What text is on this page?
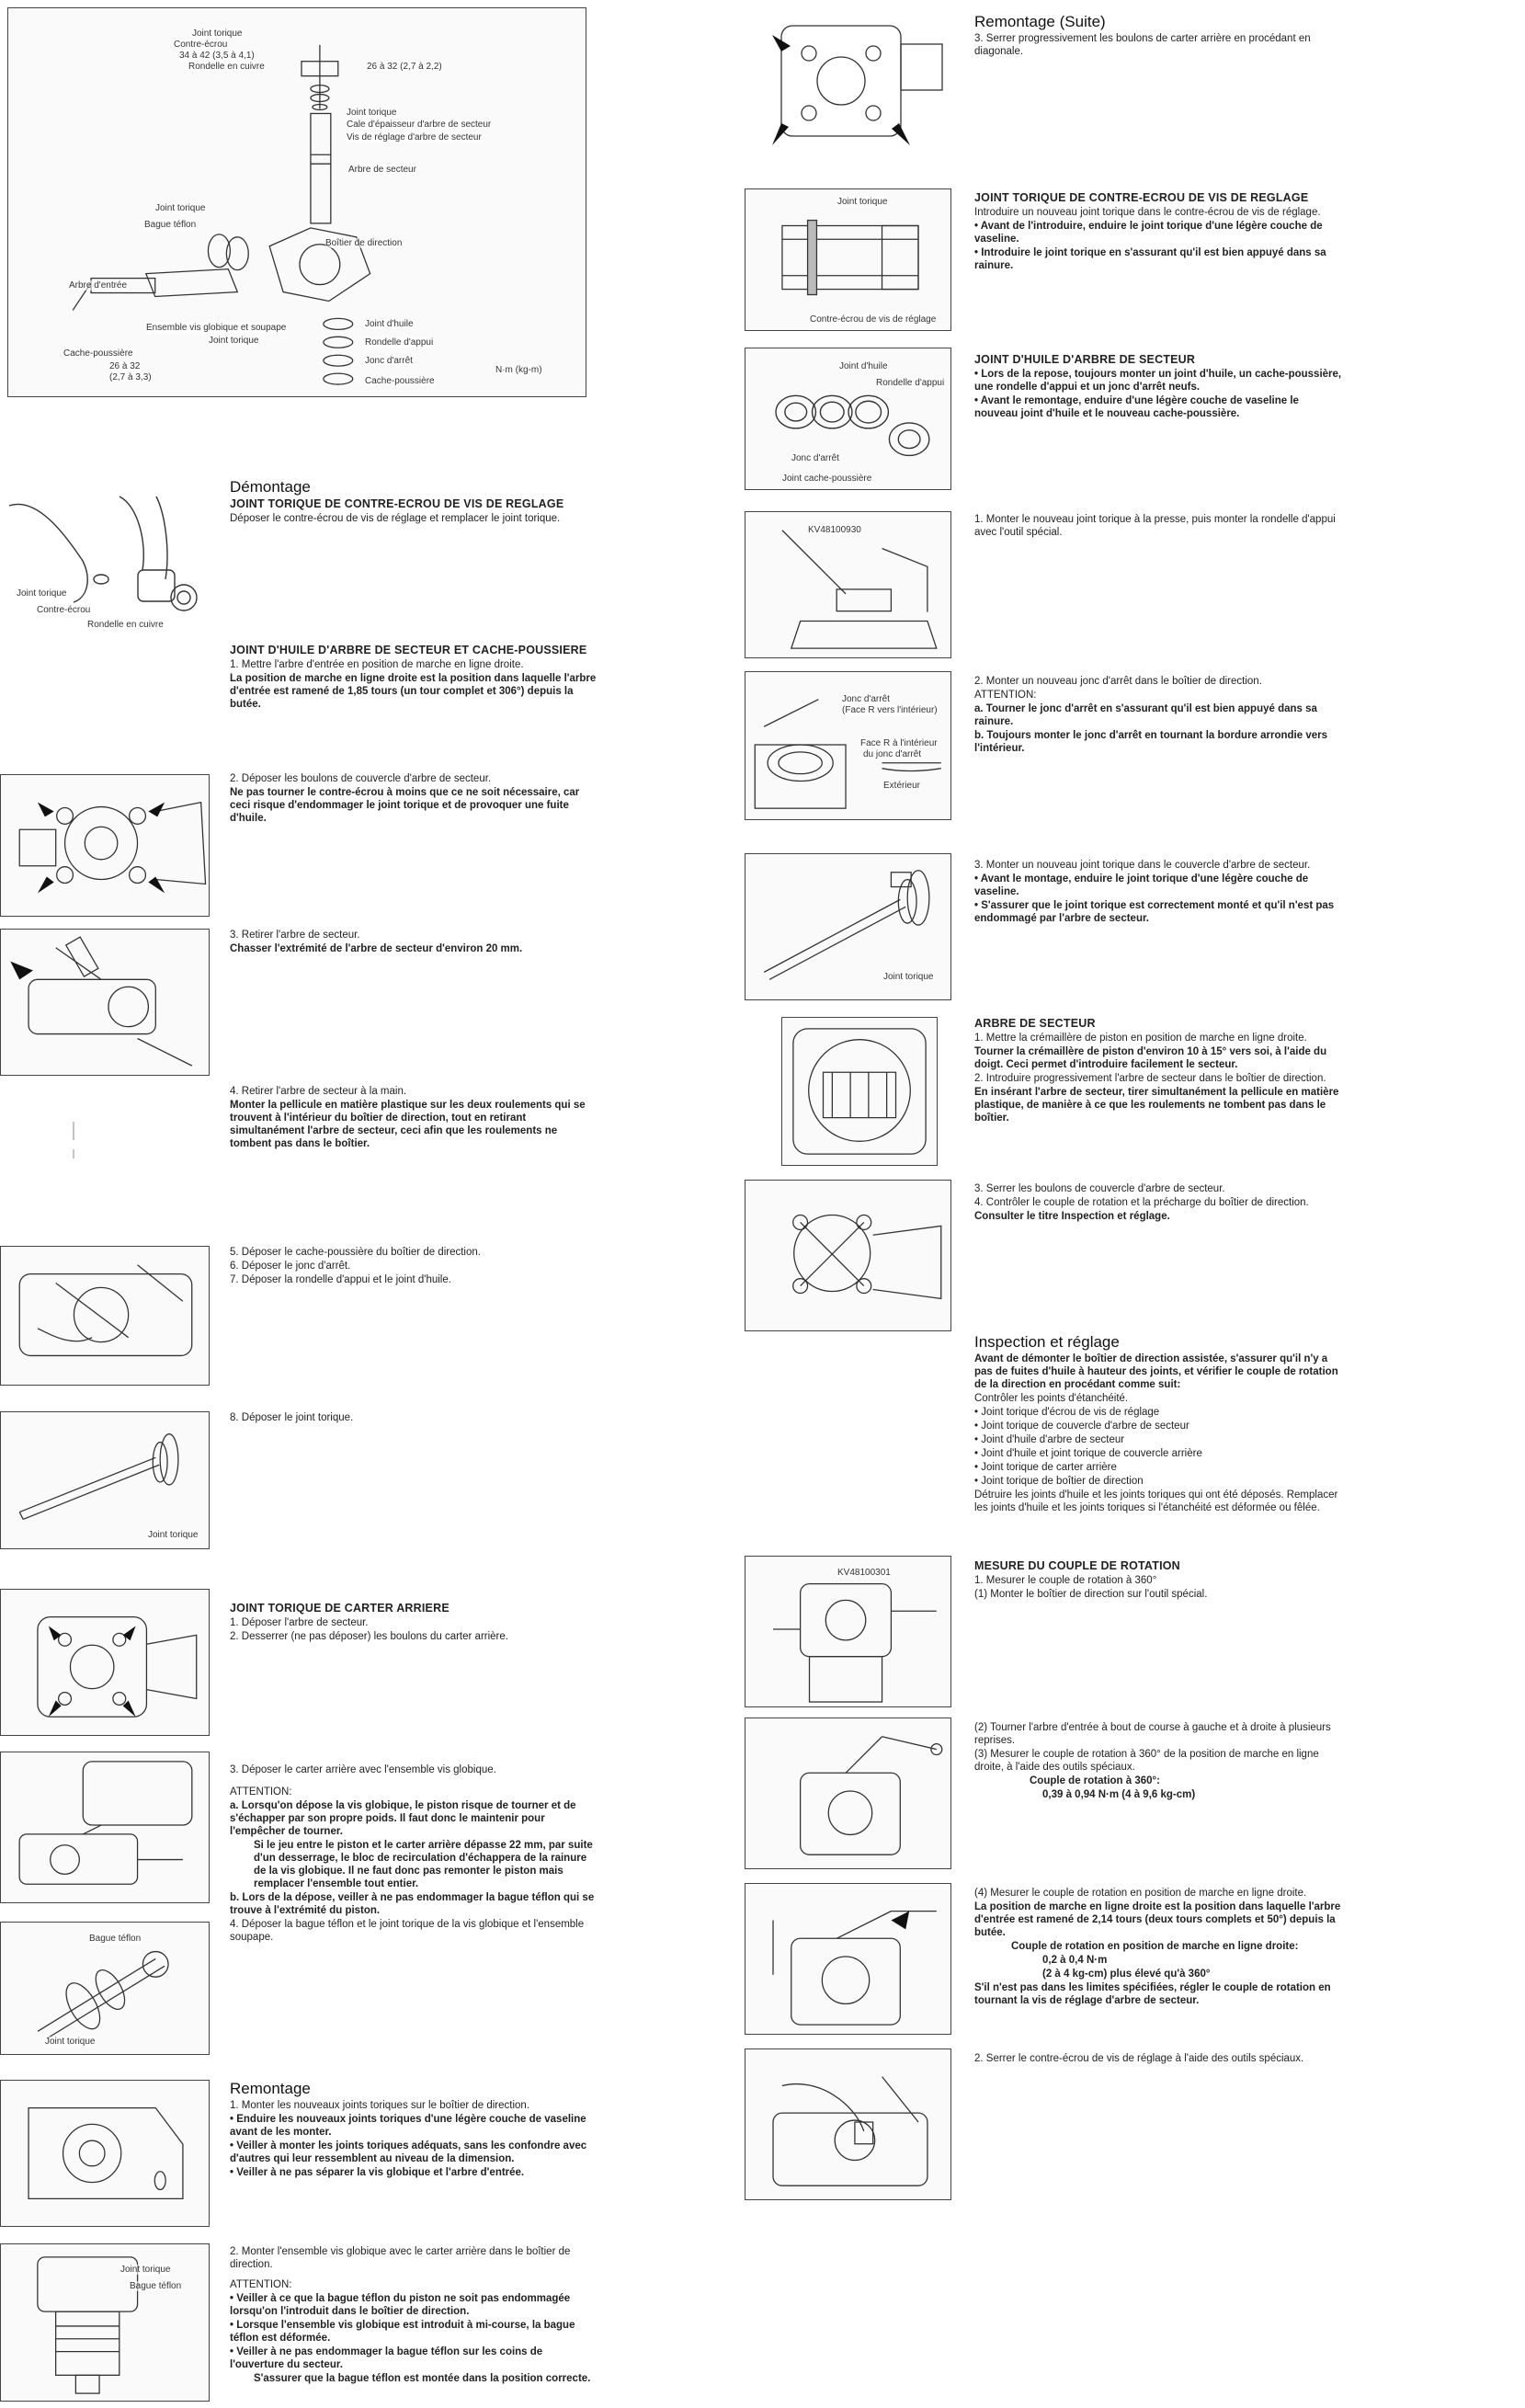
Joint torique
Contre-écrou
34 à 42 (3,5 à 4,1)
Rondelle en cuivre	26 à 32 (2,7 à 2,2)
Joint torique
Cale d'épaisseur d'arbre de secteur
Vis de réglage d'arbre de secteur
Arbre de secteur
Joint torique
Bague téflon
Boîtier de direction
Arbre d'entrée
Ensemble vis globique et soupape
Joint torique
Cache-poussière
26 à 32
(2,7 à 3,3)
Joint d'huile
Rondelle d'appui
Jonc d'arrêt
Cache-poussière
N·m (kg-m)
Joint torique
Contre-écrou
Rondelle en cuivre
Joint torique
Bague téflon
Joint torique
Joint torique
Bague téflon

Démontage

JOINT TORIQUE DE CONTRE-ECROU DE VIS DE REGLAGE

Déposer le contre-écrou de vis de réglage et remplacer le joint torique.

JOINT D'HUILE D'ARBRE DE SECTEUR ET CACHE-POUSSIERE

1. Mettre l'arbre d'entrée en position de marche en ligne droite.

La position de marche en ligne droite est la position dans laquelle l'arbre d'entrée est ramené de 1,85 tours (un tour complet et 306°) depuis la butée.

2. Déposer les boulons de couvercle d'arbre de secteur.

Ne pas tourner le contre-écrou à moins que ce ne soit nécessaire, car ceci risque d'endommager le joint torique et de provoquer une fuite d'huile.

3. Retirer l'arbre de secteur.

Chasser l'extrémité de l'arbre de secteur d'environ 20 mm.

4. Retirer l'arbre de secteur à la main.

Monter la pellicule en matière plastique sur les deux roulements qui se trouvent à l'intérieur du boîtier de direction, tout en retirant simultanément l'arbre de secteur, ceci afin que les roulements ne tombent pas dans le boîtier.

5. Déposer le cache-poussière du boîtier de direction.

6. Déposer le jonc d'arrêt.

7. Déposer la rondelle d'appui et le joint d'huile.

8. Déposer le joint torique.

JOINT TORIQUE DE CARTER ARRIERE

1. Déposer l'arbre de secteur.

2. Desserrer (ne pas déposer) les boulons du carter arrière.

3. Déposer le carter arrière avec l'ensemble vis globique.

ATTENTION:

a. Lorsqu'on dépose la vis globique, le piston risque de tourner et de s'échapper par son propre poids. Il faut donc le maintenir pour l'empêcher de tourner.

Si le jeu entre le piston et le carter arrière dépasse 22 mm, par suite d'un desserrage, le bloc de recirculation d'échappera de la rainure de la vis globique. Il ne faut donc pas remonter le piston mais remplacer l'ensemble tout entier.

b. Lors de la dépose, veiller à ne pas endommager la bague téflon qui se trouve à l'extrémité du piston.

4. Déposer la bague téflon et le joint torique de la vis globique et l'ensemble soupape.

Remontage

1. Monter les nouveaux joints toriques sur le boîtier de direction.

• Enduire les nouveaux joints toriques d'une légère couche de vaseline avant de les monter.

• Veiller à monter les joints toriques adéquats, sans les confondre avec d'autres qui leur ressemblent au niveau de la dimension.

• Veiller à ne pas séparer la vis globique et l'arbre d'entrée.

2. Monter l'ensemble vis globique avec le carter arrière dans le boîtier de direction.

ATTENTION:

• Veiller à ce que la bague téflon du piston ne soit pas endommagée lorsqu'on l'introduit dans le boîtier de direction.

• Lorsque l'ensemble vis globique est introduit à mi-course, la bague téflon est déformée.

• Veiller à ne pas endommager la bague téflon sur les coins de l'ouverture du secteur.

S'assurer que la bague téflon est montée dans la position correcte.

Joint torique
Contre-écrou de vis de réglage
Joint d'huile
Rondelle d'appui
Jonc d'arrêt
Joint cache-poussière
KV48100930
Jonc d'arrêt
(Face R vers l'intérieur)
Face R à l'intérieur
du jonc d'arrêt
Extérieur
Joint torique
KV48100301

Remontage (Suite)

3. Serrer progressivement les boulons de carter arrière en procédant en diagonale.

JOINT TORIQUE DE CONTRE-ECROU DE VIS DE REGLAGE

Introduire un nouveau joint torique dans le contre-écrou de vis de réglage.

• Avant de l'introduire, enduire le joint torique d'une légère couche de vaseline.

• Introduire le joint torique en s'assurant qu'il est bien appuyé dans sa rainure.

JOINT D'HUILE D'ARBRE DE SECTEUR

• Lors de la repose, toujours monter un joint d'huile, un cache-poussière, une rondelle d'appui et un jonc d'arrêt neufs.

• Avant le remontage, enduire d'une légère couche de vaseline le nouveau joint d'huile et le nouveau cache-poussière.

1. Monter le nouveau joint torique à la presse, puis monter la rondelle d'appui avec l'outil spécial.

2. Monter un nouveau jonc d'arrêt dans le boîtier de direction.

ATTENTION:

a. Tourner le jonc d'arrêt en s'assurant qu'il est bien appuyé dans sa rainure.

b. Toujours monter le jonc d'arrêt en tournant la bordure arrondie vers l'intérieur.

3. Monter un nouveau joint torique dans le couvercle d'arbre de secteur.

• Avant le montage, enduire le joint torique d'une légère couche de vaseline.

• S'assurer que le joint torique est correctement monté et qu'il n'est pas endommagé par l'arbre de secteur.

ARBRE DE SECTEUR

1. Mettre la crémaillère de piston en position de marche en ligne droite.

Tourner la crémaillère de piston d'environ 10 à 15° vers soi, à l'aide du doigt. Ceci permet d'introduire facilement le secteur.

2. Introduire progressivement l'arbre de secteur dans le boîtier de direction.

En insérant l'arbre de secteur, tirer simultanément la pellicule en matière plastique, de manière à ce que les roulements ne tombent pas dans le boîtier.

3. Serrer les boulons de couvercle d'arbre de secteur.

4. Contrôler le couple de rotation et la précharge du boîtier de direction.

Consulter le titre Inspection et réglage.

Inspection et réglage

Avant de démonter le boîtier de direction assistée, s'assurer qu'il n'y a pas de fuites d'huile à hauteur des joints, et vérifier le couple de rotation de la direction en procédant comme suit:

Contrôler les points d'étanchéité.

• Joint torique d'écrou de vis de réglage

• Joint torique de couvercle d'arbre de secteur

• Joint d'huile d'arbre de secteur

• Joint d'huile et joint torique de couvercle arrière

• Joint torique de carter arrière

• Joint torique de boîtier de direction

Détruire les joints d'huile et les joints toriques qui ont été déposés. Remplacer les joints d'huile et les joints toriques si l'étanchéité est déformée ou fêlée.

MESURE DU COUPLE DE ROTATION

1. Mesurer le couple de rotation à 360°

(1) Monter le boîtier de direction sur l'outil spécial.

(2) Tourner l'arbre d'entrée à bout de course à gauche et à droite à plusieurs reprises.

(3) Mesurer le couple de rotation à 360° de la position de marche en ligne droite, à l'aide des outils spéciaux.

Couple de rotation à 360°:

0,39 à 0,94 N·m (4 à 9,6 kg-cm)

(4) Mesurer le couple de rotation en position de marche en ligne droite.

La position de marche en ligne droite est la position dans laquelle l'arbre d'entrée est ramené de 2,14 tours (deux tours complets et 50°) depuis la butée.

Couple de rotation en position de marche en ligne droite:

0,2 à 0,4 N·m

(2 à 4 kg-cm) plus élevé qu'à 360°

S'il n'est pas dans les limites spécifiées, régler le couple de rotation en tournant la vis de réglage d'arbre de secteur.

2. Serrer le contre-écrou de vis de réglage à l'aide des outils spéciaux.
